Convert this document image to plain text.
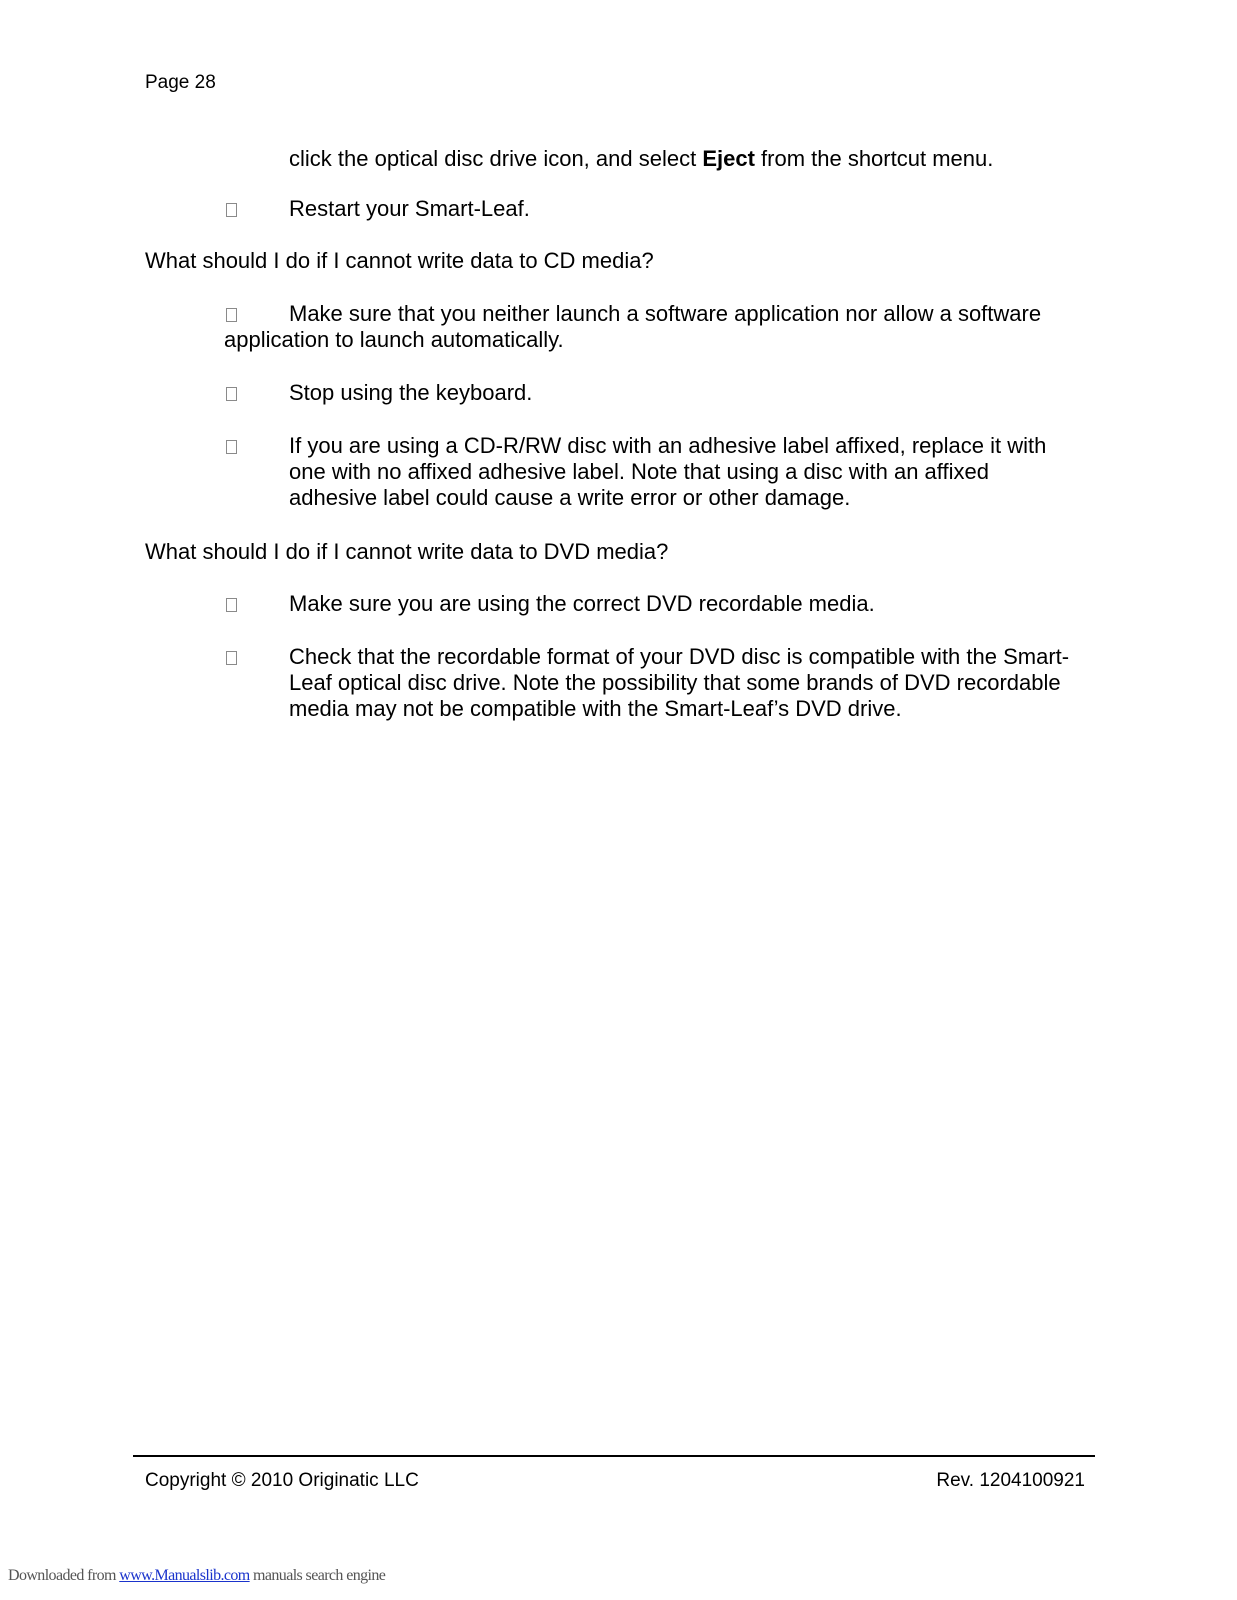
Page 28
click the optical disc drive icon, and select Eject from the shortcut menu.
Restart your Smart-Leaf.
What should I do if I cannot write data to CD media?
Make sure that you neither launch a software application nor allow a software application to launch automatically.
Stop using the keyboard.
If you are using a CD-R/RW disc with an adhesive label affixed, replace it with one with no affixed adhesive label. Note that using a disc with an affixed adhesive label could cause a write error or other damage.
What should I do if I cannot write data to DVD media?
Make sure you are using the correct DVD recordable media.
Check that the recordable format of your DVD disc is compatible with the Smart-Leaf optical disc drive. Note the possibility that some brands of DVD recordable media may not be compatible with the Smart-Leaf’s DVD drive.
Copyright © 2010 Originatic LLC	Rev. 1204100921
Downloaded from www.Manualslib.com manuals search engine
